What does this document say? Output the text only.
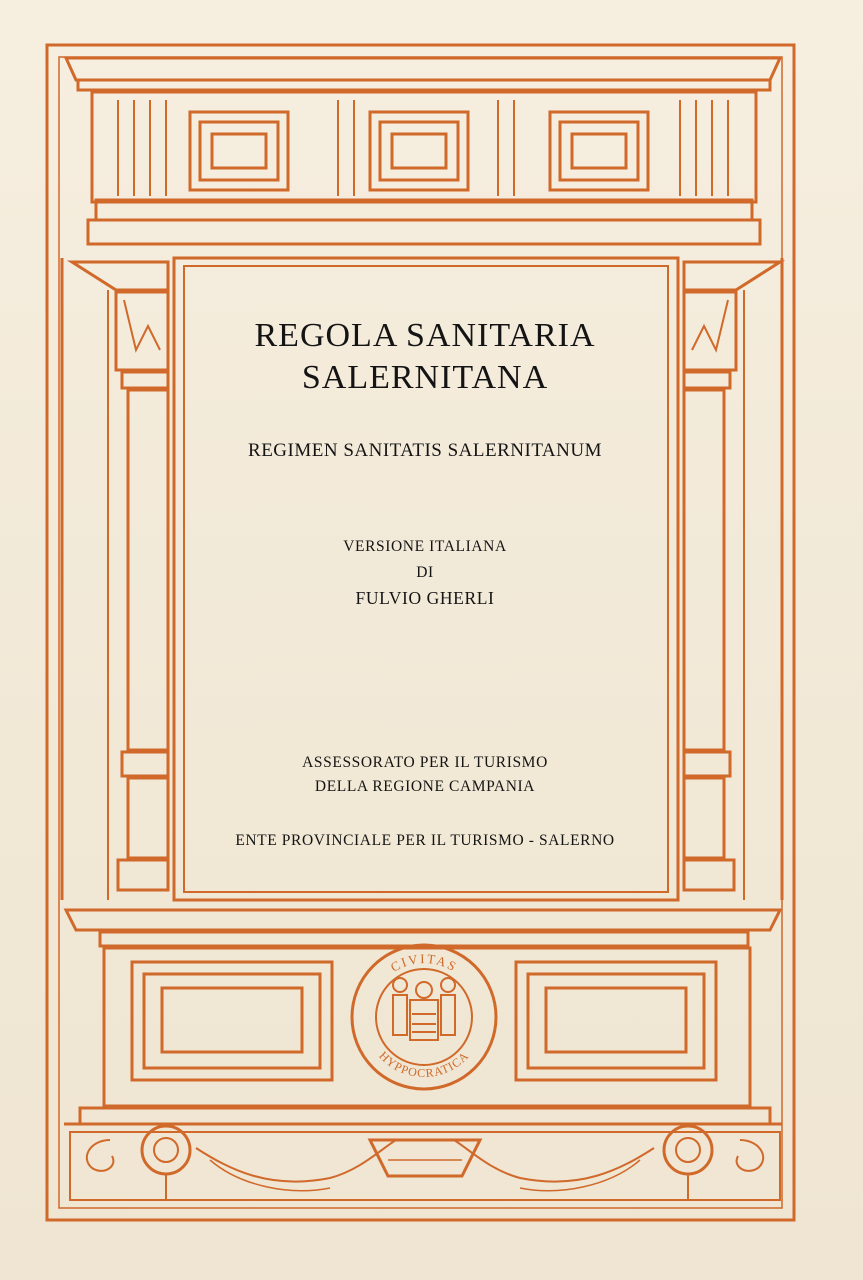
CIVITAS
HYPPOCRATICA

REGOLA SANITARIA

SALERNITANA

REGIMEN SANITATIS SALERNITANUM

VERSIONE ITALIANA

DI

FULVIO GHERLI

ASSESSORATO PER IL TURISMO

DELLA REGIONE CAMPANIA

ENTE PROVINCIALE PER IL TURISMO - SALERNO
